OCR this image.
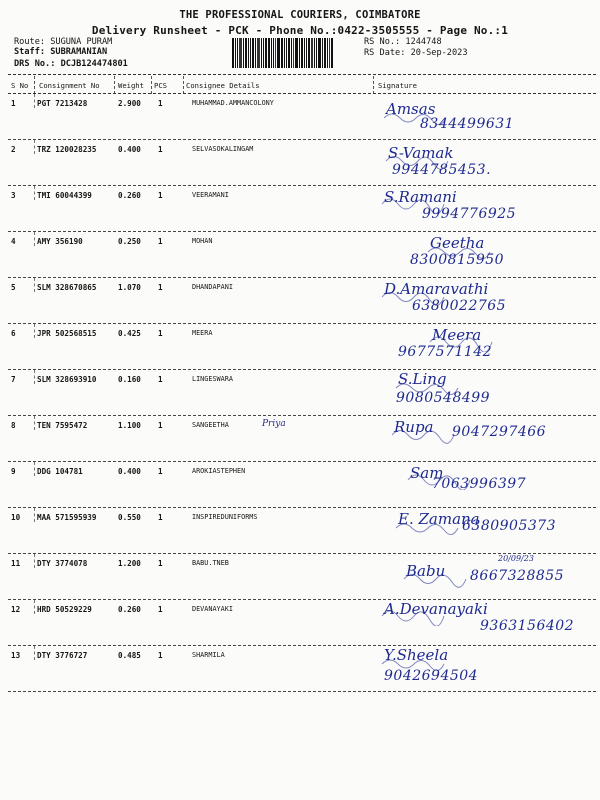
THE PROFESSIONAL COURIERS, COIMBATORE
Delivery Runsheet - PCK - Phone No.:0422-3505555 - Page No.:1
Route: SUGUNA PURAM
Staff: SUBRAMANIAN
DRS No.: DCJB124474801
RS No.: 1244748
RS Date: 20-Sep-2023
S No Consignment No	Weight PCS	Consignee Details	Signature
1	PGT 7213428	2.900 1	MUHAMMAD.AMMANCOLONY	Amsas
8344499631
2	TRZ 120028235	0.400 1	SELVASOKALINGAM	S-Vamak
9944785453.
3	TMI 60044399	0.260 1	VEERAMANI	S.Ramani
9994776925
4	AMY 356190	0.250 1	MOHAN	Geetha
8300815950
5	SLM 328670865	1.070 1	DHANDAPANI	D.Amaravathi
6380022765
6	JPR 502568515	0.425 1	MEERA	Meera
9677571142
7	SLM 328693910	0.160 1	LINGESWARA	S.Ling
9080548499
8	TEN 7595472	1.100 1	SANGEETHA	Priya	Rupa 9047297466
9	DDG 104781	0.400 1	AROKIASTEPHEN	Sam
7063996397
10 MAA 571595939	0.550 1	INSPIREDUNIFORMS	E. Zamana
6380905373
11 DTY 3774078	1.200 1	BABU.TNEB	Babu 8667328855
20/09/23
12 HRD 50529229	0.260 1	DEVANAYAKI	A.Devanayaki
9363156402
13 DTY 3776727	0.485 1	SHARMILA	Y.Sheela
9042694504
